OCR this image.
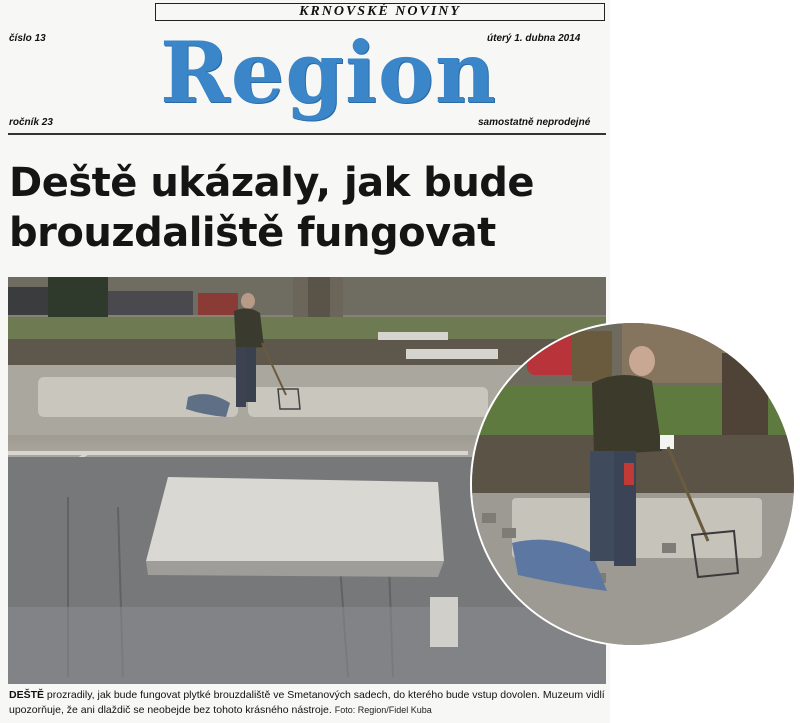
KRNOVSKÉ NOVINY
číslo 13	úterý 1. dubna 2014
Region
ročník 23	samostatně neprodejné
Deště ukázaly, jak bude
brouzdaliště fungovat
DEŠTĚ prozradily, jak bude fungovat plytké brouzdaliště ve Smetanových sadech, do kterého bude vstup dovolen. Muzeum vidlí upozorňuje, že ani dlaždič se neobejde bez tohoto krásného nástroje. Foto: Region/Fidel Kuba
